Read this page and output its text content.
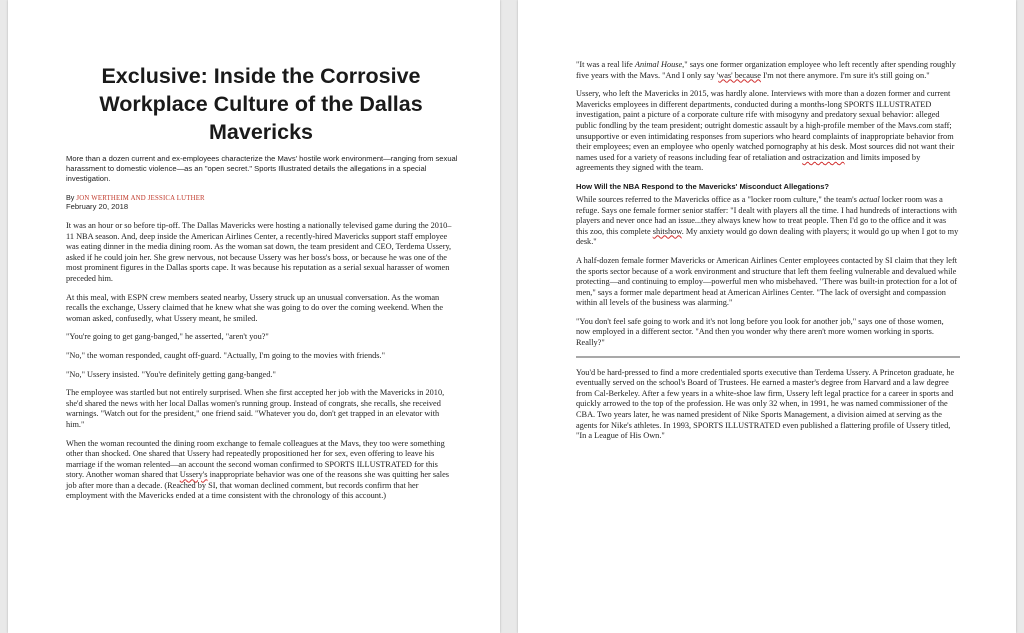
Exclusive: Inside the Corrosive Workplace Culture of the Dallas Mavericks
More than a dozen current and ex-employees characterize the Mavs' hostile work environment—ranging from sexual harassment to domestic violence—as an "open secret." Sports Illustrated details the allegations in a special investigation.
By JON WERTHEIM AND JESSICA LUTHER
February 20, 2018

It was an hour or so before tip-off. The Dallas Mavericks were hosting a nationally televised game during the 2010–11 NBA season. And, deep inside the American Airlines Center, a recently-hired Mavericks support staff employee was eating dinner in the media dining room. As the woman sat down, the team president and CEO, Terdema Ussery, asked if he could join her. She grew nervous, not because Ussery was her boss's boss, or because he was one of the most prominent figures in the Dallas sports cape. It was because his reputation as a serial sexual harasser of women preceded him.

At this meal, with ESPN crew members seated nearby, Ussery struck up an unusual conversation. As the woman recalls the exchange, Ussery claimed that he knew what she was going to do over the coming weekend. When the woman asked, confusedly, what Ussery meant, he smiled.

"You're going to get gang-banged," he asserted, "aren't you?"

"No," the woman responded, caught off-guard. "Actually, I'm going to the movies with friends."

"No," Ussery insisted. "You're definitely getting gang-banged."

The employee was startled but not entirely surprised. When she first accepted her job with the Mavericks in 2010, she'd shared the news with her local Dallas women's running group. Instead of congrats, she recalls, she received warnings. "Watch out for the president," one friend said. "Whatever you do, don't get trapped in an elevator with him."

When the woman recounted the dining room exchange to female colleagues at the Mavs, they too were something other than shocked. One shared that Ussery had repeatedly propositioned her for sex, even offering to leave his marriage if the woman relented—an account the second woman confirmed to SPORTS ILLUSTRATED for this story. Another woman shared that Ussery's inappropriate behavior was one of the reasons she was quitting her sales job after more than a decade. (Reached by SI, that woman declined comment, but records confirm that her employment with the Mavericks ended at a time consistent with the chronology of this account.)

"It was a real life Animal House," says one former organization employee who left recently after spending roughly five years with the Mavs. "And I only say 'was' because I'm not there anymore. I'm sure it's still going on."

Ussery, who left the Mavericks in 2015, was hardly alone. Interviews with more than a dozen former and current Mavericks employees in different departments, conducted during a months-long SPORTS ILLUSTRATED investigation, paint a picture of a corporate culture rife with misogyny and predatory sexual behavior: alleged public fondling by the team president; outright domestic assault by a high-profile member of the Mavs.com staff; unsupportive or even intimidating responses from superiors who heard complaints of inappropriate behavior from their employees; even an employee who openly watched pornography at his desk. Most sources did not want their names used for a variety of reasons including fear of retaliation and ostracization and limits imposed by agreements they signed with the team.

How Will the NBA Respond to the Mavericks' Misconduct Allegations?

While sources referred to the Mavericks office as a "locker room culture," the team's actual locker room was a refuge. Says one female former senior staffer: "I dealt with players all the time. I had hundreds of interactions with players and never once had an issue...they always knew how to treat people. Then I'd go to the office and it was this zoo, this complete shitshow. My anxiety would go down dealing with players; it would go up when I got to my desk."

A half-dozen female former Mavericks or American Airlines Center employees contacted by SI claim that they left the sports sector because of a work environment and structure that left them feeling vulnerable and devalued while protecting—and continuing to employ—powerful men who misbehaved. "There was built-in protection for a lot of men," says a former male department head at American Airlines Center. "The lack of oversight and compassion within all levels of the business was alarming."

"You don't feel safe going to work and it's not long before you look for another job," says one of those women, now employed in a different sector. "And then you wonder why there aren't more women working in sports. Really?"

You'd be hard-pressed to find a more credentialed sports executive than Terdema Ussery. A Princeton graduate, he eventually served on the school's Board of Trustees. He earned a master's degree from Harvard and a law degree from Cal-Berkeley. After a few years in a white-shoe law firm, Ussery left legal practice for a career in sports and quickly arrowed to the top of the profession. He was only 32 when, in 1991, he was named commissioner of the CBA. Two years later, he was named president of Nike Sports Management, a division aimed at serving as the agents for Nike's athletes. In 1993, SPORTS ILLUSTRATED even published a flattering profile of Ussery titled, "In a League of His Own."
